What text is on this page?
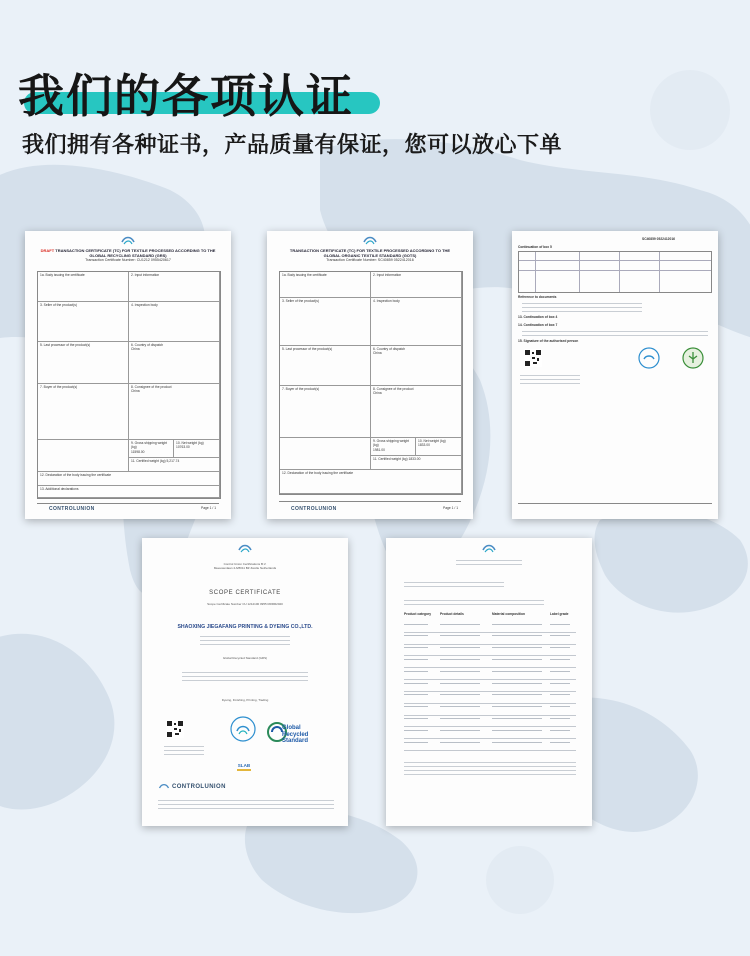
我们的各项认证
我们拥有各种证书，产品质量有保证，您可以放心下单
DRAFT TRANSACTION CERTIFICATE (TC) FOR TEXTILE PROCESSED ACCORDING TO THE
GLOBAL RECYCLING STANDARD (GRS)
Transaction Certificate Number: CU1212 0955420617
1a. Body issuing the certificate	2. Input information
3. Seller of the product(s)	4. Inspection body
5. Last processor of the product(s)	6. Country of dispatch
China
7. Buyer of the product(s)	8. Consignee of the product
China
9. Gross shipping weight (kg)
11598.00
10. Net weight (kg)
10763.00
11. Certified weight (kg) 5,217.74
12. Declaration of the body issuing the certificate
13. Additional declarations
CONTROLUNION	Page 1 / 1
TRANSACTION CERTIFICATE (TC) FOR TEXTILE PROCESSED ACCORDING TO THE
GLOBAL ORGANIC TEXTILE STANDARD (GOTS)
Transaction Certificate Number: SC40859 0522412016
1a. Body issuing the certificate	2. Input information
3. Seller of the product(s)	4. Inspection body
5. Last processor of the product(s)	6. Country of dispatch
China
7. Buyer of the product(s)	8. Consignee of the product
China
9. Gross shipping weight (kg)
1981.00
10. Net weight (kg)
1833.00
11. Certified weight (kg) 1833.00
12. Declaration of the body issuing the certificate
CONTROLUNION	Page 1 / 1
SC40859 0522412016
Continuation of box 5
Reference to documents
13. Continuation of box 4
14. Continuation of box 7
15. Signature of the authorised person
Control Union Certifications B.V.
Meeuwenlaan 4-6/8011 BZ Zwolle Netherlands
SCOPE CERTIFICATE
Scope Certificate Number CU 1212100 0955 RRRR2020
SHAOXING JIEGAFANG PRINTING & DYEING CO.,LTD.
Global Recycled Standard (GRS)
Dyeing, Finishing, Printing, Trading
Global Recycled Standard
SLAB
CONTROLUNION
Product category	Product details	Material composition	Label grade
